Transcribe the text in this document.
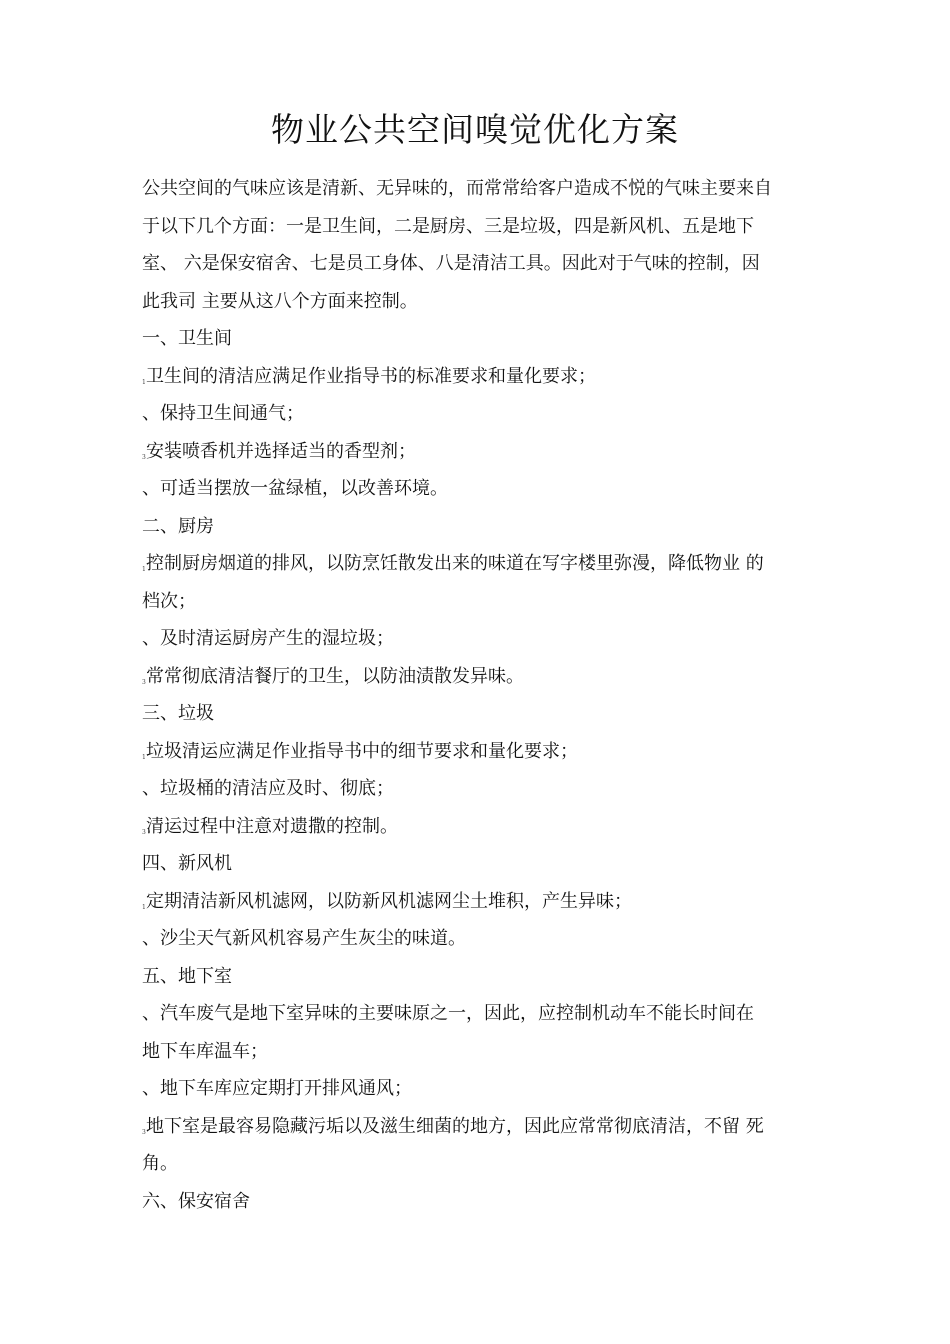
物业公共空间嗅觉优化方案
公共空间的气味应该是清新、无异味的，而常常给客户造成不悦的气味主要来自
于以下几个方面：一是卫生间，二是厨房、三是垃圾，四是新风机、五是地下
室、 六是保安宿舍、七是员工身体、八是清洁工具。因此对于气味的控制，因
此我司 主要从这八个方面来控制。
一、卫生间
1卫生间的清洁应满足作业指导书的标准要求和量化要求；
、保持卫生间通气；
3安装喷香机并选择适当的香型剂；
、可适当摆放一盆绿植，以改善环境。
二、厨房
1控制厨房烟道的排风，以防烹饪散发出来的味道在写字楼里弥漫，降低物业 的
档次；
、及时清运厨房产生的湿垃圾；
3常常彻底清洁餐厅的卫生，以防油渍散发异味。
三、垃圾
1垃圾清运应满足作业指导书中的细节要求和量化要求；
、垃圾桶的清洁应及时、彻底；
3清运过程中注意对遗撒的控制。
四、新风机
1定期清洁新风机滤网，以防新风机滤网尘土堆积，产生异味；
、沙尘天气新风机容易产生灰尘的味道。
五、地下室
、汽车废气是地下室异味的主要味原之一，因此，应控制机动车不能长时间在
地下车库温车；
、地下车库应定期打开排风通风；
3地下室是最容易隐藏污垢以及滋生细菌的地方，因此应常常彻底清洁，不留 死
角。
六、保安宿舍
